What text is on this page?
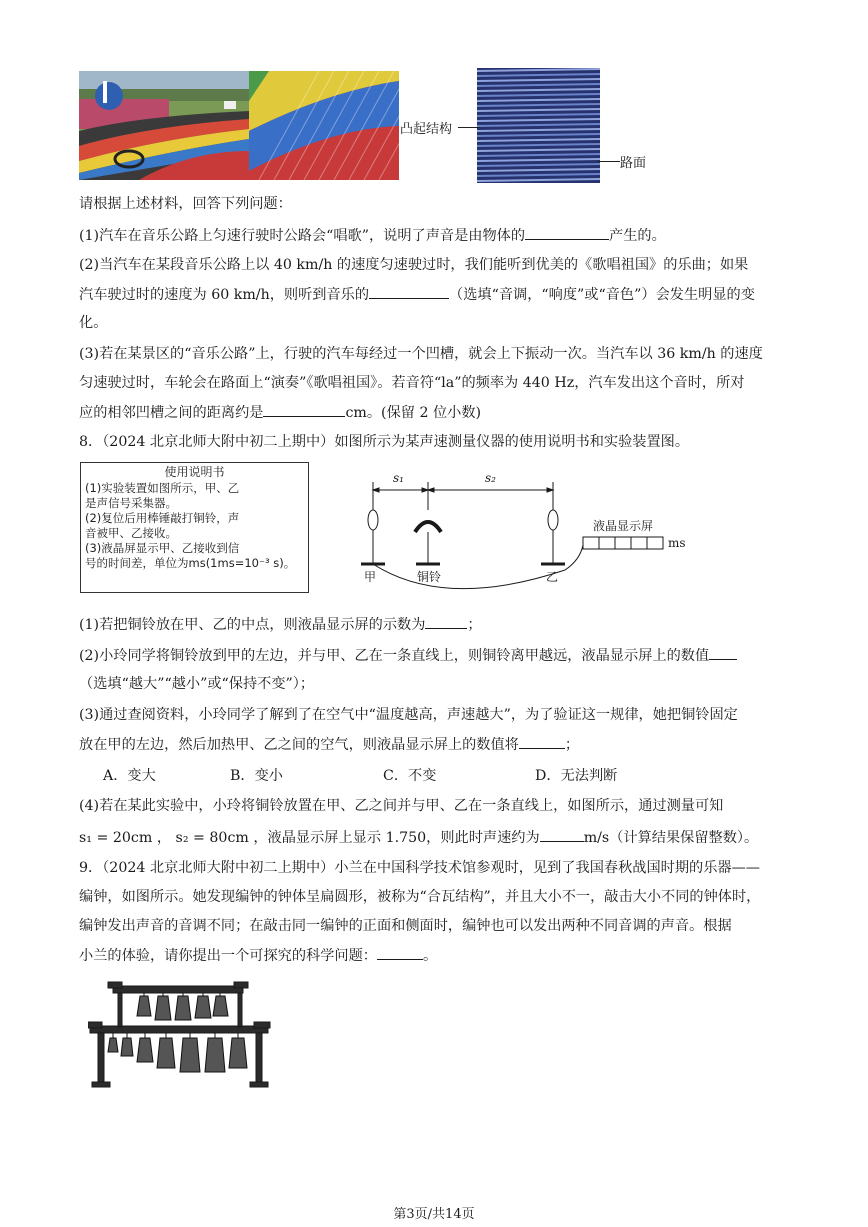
凸起结构
路面
请根据上述材料，回答下列问题：
(1)汽车在音乐公路上匀速行驶时公路会“唱歌”，说明了声音是由物体的	产生的。
(2)当汽车在某段音乐公路上以 40 km/h 的速度匀速驶过时，我们能听到优美的《歌唱祖国》的乐曲；如果
汽车驶过时的速度为 60 km/h，则听到音乐的	（选填“音调，“响度”或“音色”）会发生明显的变
化。
(3)若在某景区的“音乐公路”上，行驶的汽车每经过一个凹槽，就会上下振动一次。当汽车以 36 km/h 的速度
匀速驶过时，车轮会在路面上“演奏”《歌唱祖国》。若音符“la”的频率为 440 Hz，汽车发出这个音时，所对
应的相邻凹槽之间的距离约是	cm。(保留 2 位小数)
8．（2024 北京北师大附中初二上期中）如图所示为某声速测量仪器的使用说明书和实验装置图。
使用说明书
(1)实验装置如图所示，甲、乙
是声信号采集器。
(2)复位后用棒锤敲打铜铃，声
音被甲、乙接收。
(3)液晶屏显示甲、乙接收到信
号的时间差，单位为ms(1ms=10⁻³ s)。
s₁	s₂
液晶显示屏
ms
甲	铜铃	乙
(1)若把铜铃放在甲、乙的中点，则液晶显示屏的示数为	；
(2)小玲同学将铜铃放到甲的左边，并与甲、乙在一条直线上，则铜铃离甲越远，液晶显示屏上的数值
（选填“越大”“越小”或“保持不变”）；
(3)通过查阅资料，小玲同学了解到了在空气中“温度越高，声速越大”，为了验证这一规律，她把铜铃固定
放在甲的左边，然后加热甲、乙之间的空气，则液晶显示屏上的数值将	；
A．变大	B．变小	C．不变	D．无法判断
(4)若在某此实验中，小玲将铜铃放置在甲、乙之间并与甲、乙在一条直线上，如图所示，通过测量可知
s₁ = 20cm ， s₂ = 80cm ，液晶显示屏上显示 1.750，则此时声速约为	m/s（计算结果保留整数）。
9．（2024 北京北师大附中初二上期中）小兰在中国科学技术馆参观时，见到了我国春秋战国时期的乐器——
编钟，如图所示。她发现编钟的钟体呈扁圆形，被称为“合瓦结构”，并且大小不一，敲击大小不同的钟体时，
编钟发出声音的音调不同；在敲击同一编钟的正面和侧面时，编钟也可以发出两种不同音调的声音。根据
小兰的体验，请你提出一个可探究的科学问题：	。
第3页/共14页
